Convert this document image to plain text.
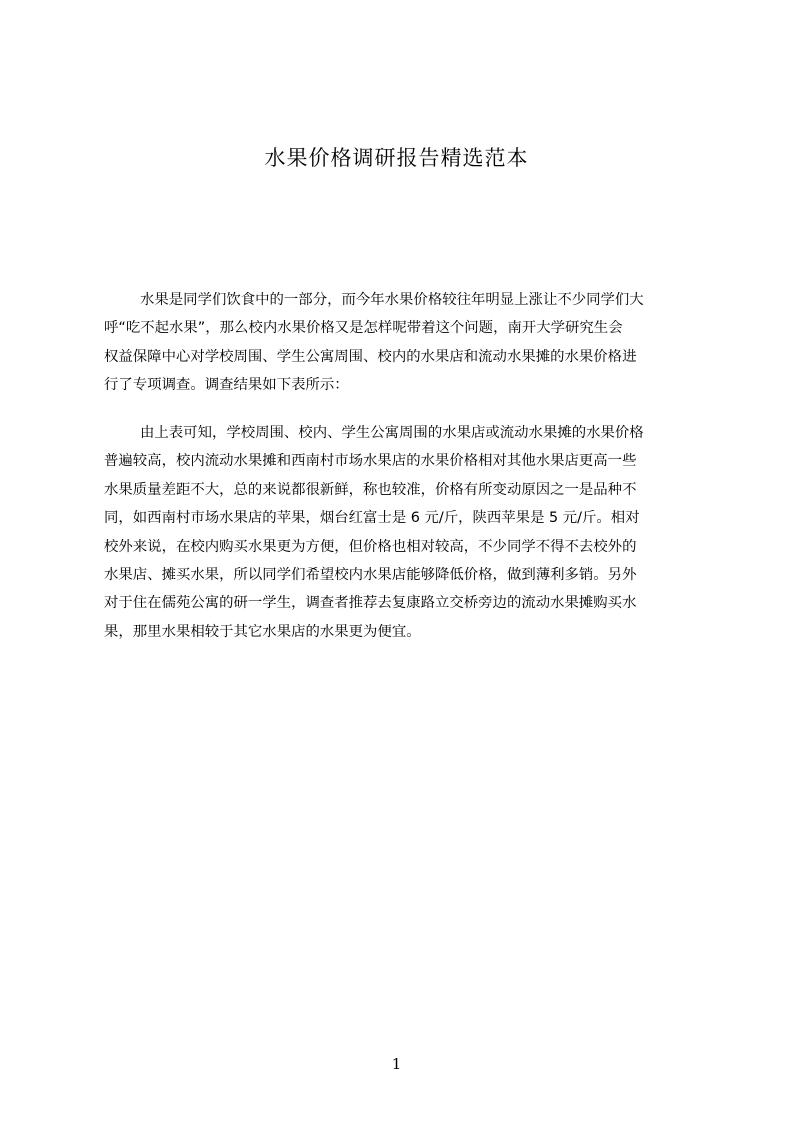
水果价格调研报告精选范本
水果是同学们饮食中的一部分，而今年水果价格较往年明显上涨让不少同学们大
呼“吃不起水果”，那么校内水果价格又是怎样呢带着这个问题，南开大学研究生会
权益保障中心对学校周围、学生公寓周围、校内的水果店和流动水果摊的水果价格进
行了专项调查。调查结果如下表所示：
由上表可知，学校周围、校内、学生公寓周围的水果店或流动水果摊的水果价格
普遍较高，校内流动水果摊和西南村市场水果店的水果价格相对其他水果店更高一些
水果质量差距不大，总的来说都很新鲜，称也较准，价格有所变动原因之一是品种不
同，如西南村市场水果店的苹果，烟台红富士是 6 元/斤，陕西苹果是 5 元/斤。相对
校外来说，在校内购买水果更为方便，但价格也相对较高，不少同学不得不去校外的
水果店、摊买水果，所以同学们希望校内水果店能够降低价格，做到薄利多销。另外
对于住在儒苑公寓的研一学生，调查者推荐去复康路立交桥旁边的流动水果摊购买水
果，那里水果相较于其它水果店的水果更为便宜。
1
